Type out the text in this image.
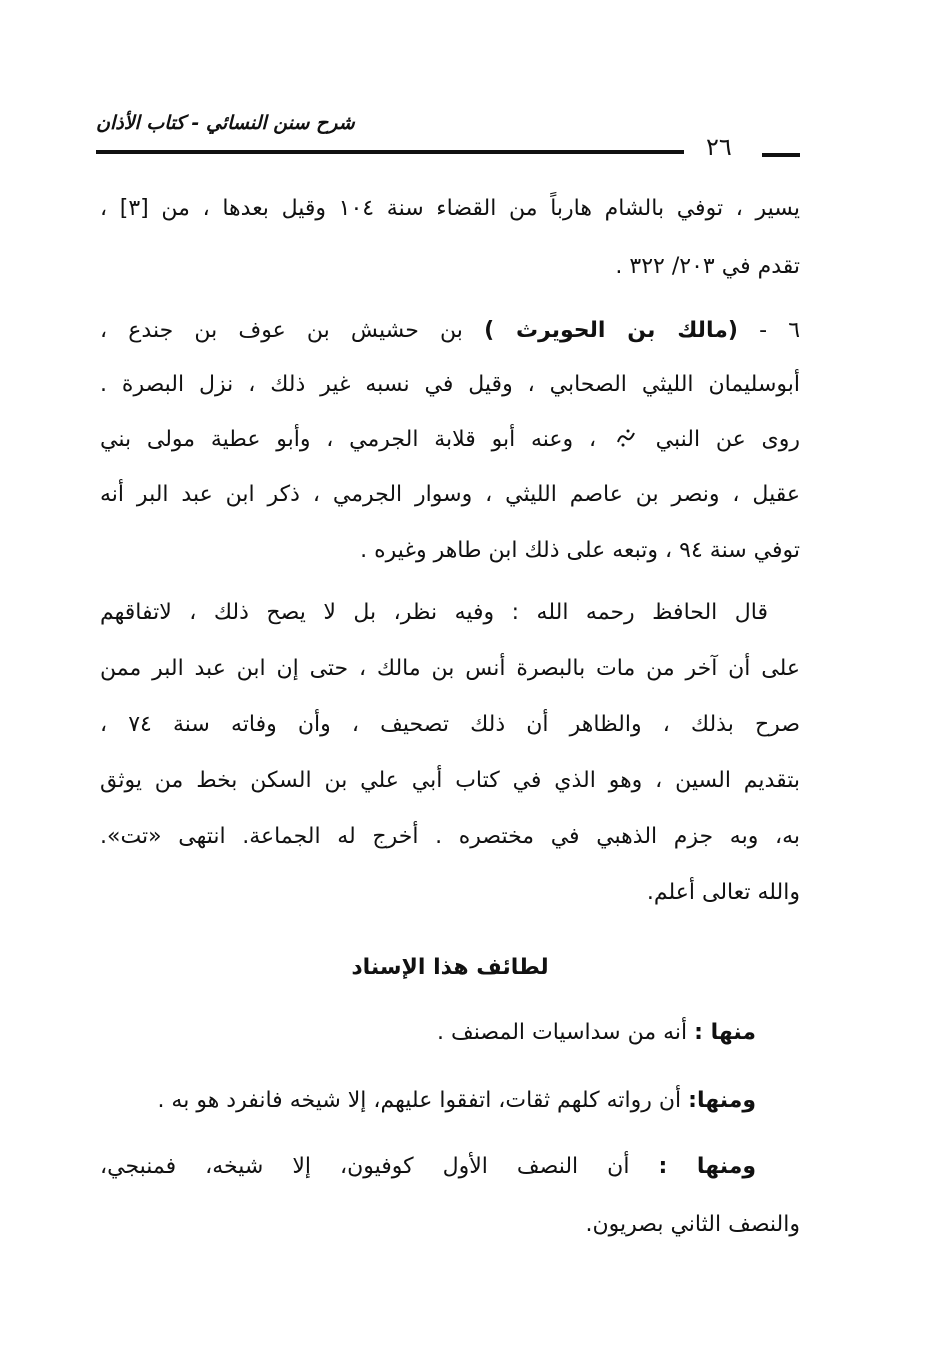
شرح سنن النسائي - كتاب الأذان
٢٦
يسير ، توفي بالشام هارباً من القضاء سنة ١٠٤ وقيل بعدها ، من [٣] ،
تقدم في ٢٠٣/ ٣٢٢ .
٦ - (مالك بن الحويرث ) بن حشيش بن عوف بن جندع ،
أبوسليمان الليثي الصحابي ، وقيل في نسبه غير ذلك ، نزل البصرة .
روى عن النبي  ، وعنه أبو قلابة الجرمي ، وأبو عطية مولى بني
عقيل ، ونصر بن عاصم الليثي ، وسوار الجرمي ، ذكر ابن عبد البر أنه
توفي سنة ٩٤ ، وتبعه على ذلك ابن طاهر وغيره .
قال الحافظ رحمه الله : وفيه نظر، بل لا يصح ذلك ، لاتفاقهم
على أن آخر من مات بالبصرة أنس بن مالك ، حتى إن ابن عبد البر ممن
صرح بذلك ، والظاهر أن ذلك تصحيف ، وأن وفاته سنة ٧٤ ،
بتقديم السين ، وهو الذي في كتاب أبي علي بن السكن بخط من يوثق
به، وبه جزم الذهبي في مختصره . أخرج له الجماعة. انتهى «تت».
والله تعالى أعلم.
لطائف هذا الإسناد
منها : أنه من سداسيات المصنف .
ومنها: أن رواته كلهم ثقات، اتفقوا عليهم، إلا شيخه فانفرد هو به .
ومنها : أن النصف الأول كوفيون، إلا شيخه، فمنبجي،
والنصف الثاني بصريون.
